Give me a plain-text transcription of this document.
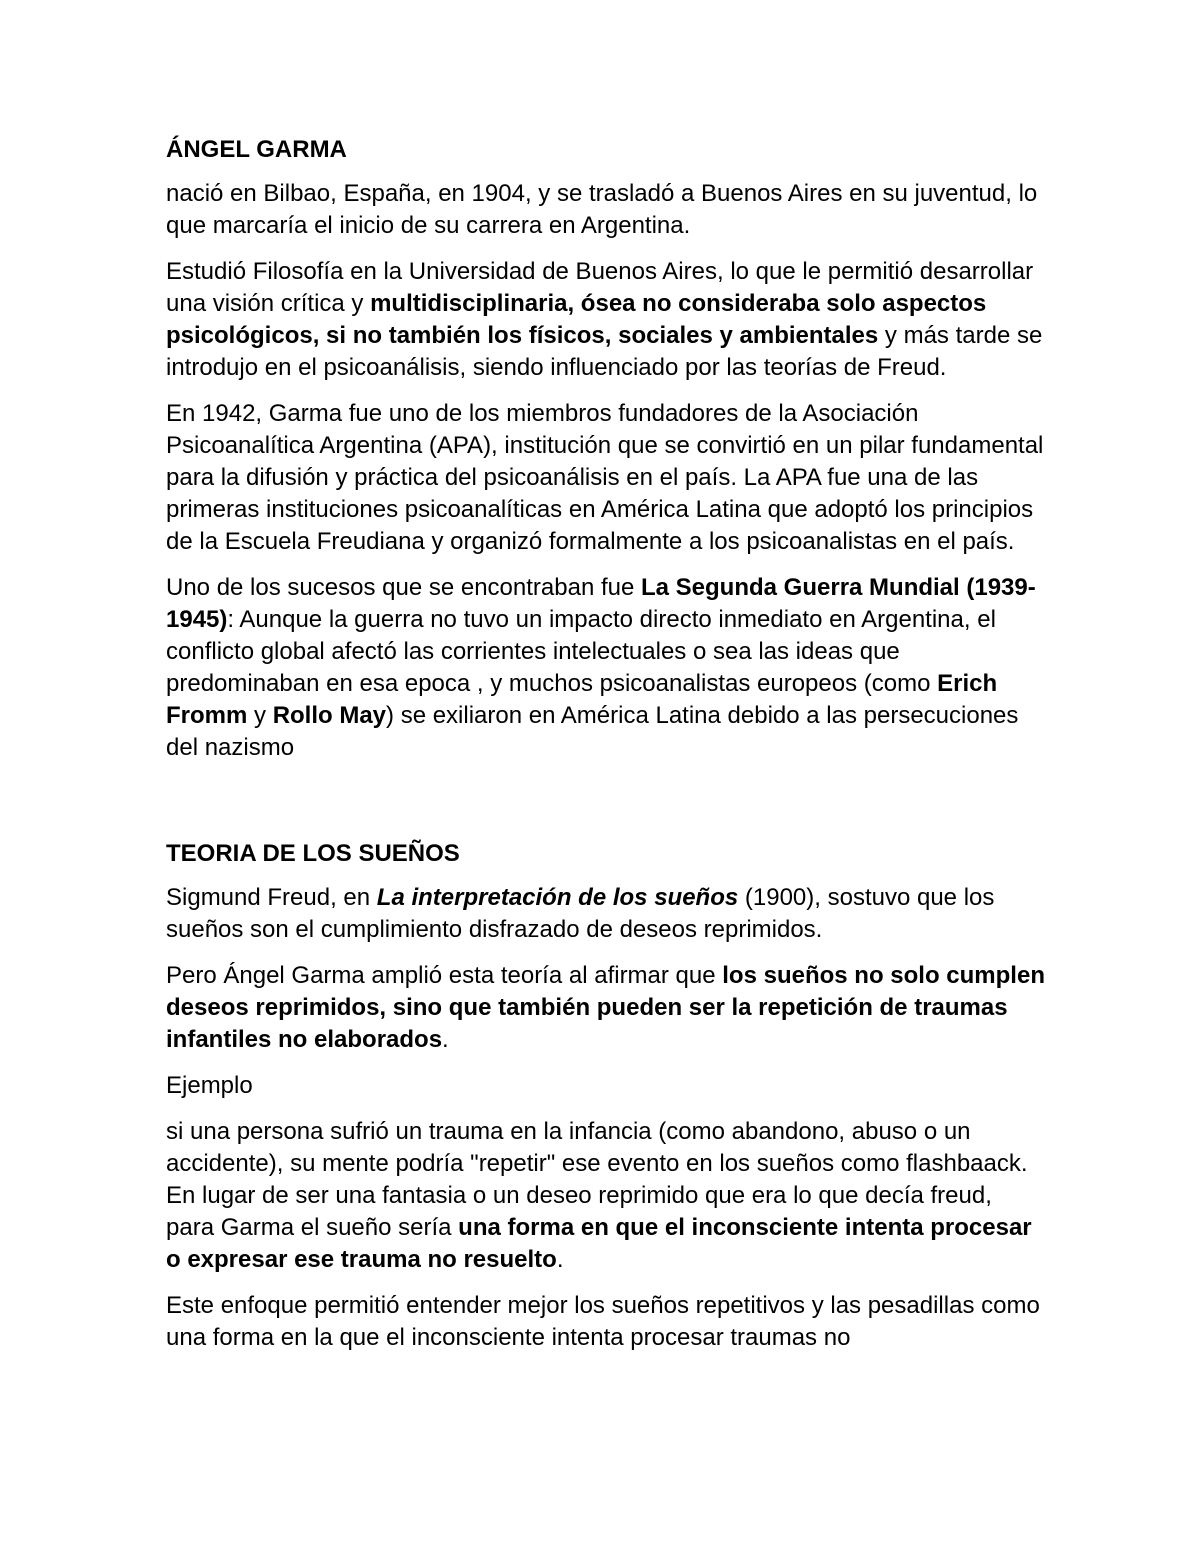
ÁNGEL GARMA

nació en Bilbao, España, en 1904, y se trasladó a Buenos Aires en su juventud, lo que marcaría el inicio de su carrera en Argentina.

Estudió Filosofía en la Universidad de Buenos Aires, lo que le permitió desarrollar una visión crítica y multidisciplinaria, ósea no consideraba solo aspectos psicológicos, si no también los físicos, sociales y ambientales y más tarde se introdujo en el psicoanálisis, siendo influenciado por las teorías de Freud.

En 1942, Garma fue uno de los miembros fundadores de la Asociación Psicoanalítica Argentina (APA), institución que se convirtió en un pilar fundamental para la difusión y práctica del psicoanálisis en el país. La APA fue una de las primeras instituciones psicoanalíticas en América Latina que adoptó los principios de la Escuela Freudiana y organizó formalmente a los psicoanalistas en el país.

Uno de los sucesos que se encontraban fue La Segunda Guerra Mundial (1939-1945): Aunque la guerra no tuvo un impacto directo inmediato en Argentina, el conflicto global afectó las corrientes intelectuales o sea las ideas que predominaban en esa epoca , y muchos psicoanalistas europeos (como Erich Fromm y Rollo May) se exiliaron en América Latina debido a las persecuciones del nazismo

TEORIA DE LOS SUEÑOS

Sigmund Freud, en La interpretación de los sueños (1900), sostuvo que los sueños son el cumplimiento disfrazado de deseos reprimidos.

Pero Ángel Garma amplió esta teoría al afirmar que los sueños no solo cumplen deseos reprimidos, sino que también pueden ser la repetición de traumas infantiles no elaborados.

Ejemplo

si una persona sufrió un trauma en la infancia (como abandono, abuso o un accidente), su mente podría "repetir" ese evento en los sueños como flashbaack. En lugar de ser una fantasia o un deseo reprimido que era lo que decía freud, para Garma el sueño sería una forma en que el inconsciente intenta procesar o expresar ese trauma no resuelto.

Este enfoque permitió entender mejor los sueños repetitivos y las pesadillas como una forma en la que el inconsciente intenta procesar traumas no
